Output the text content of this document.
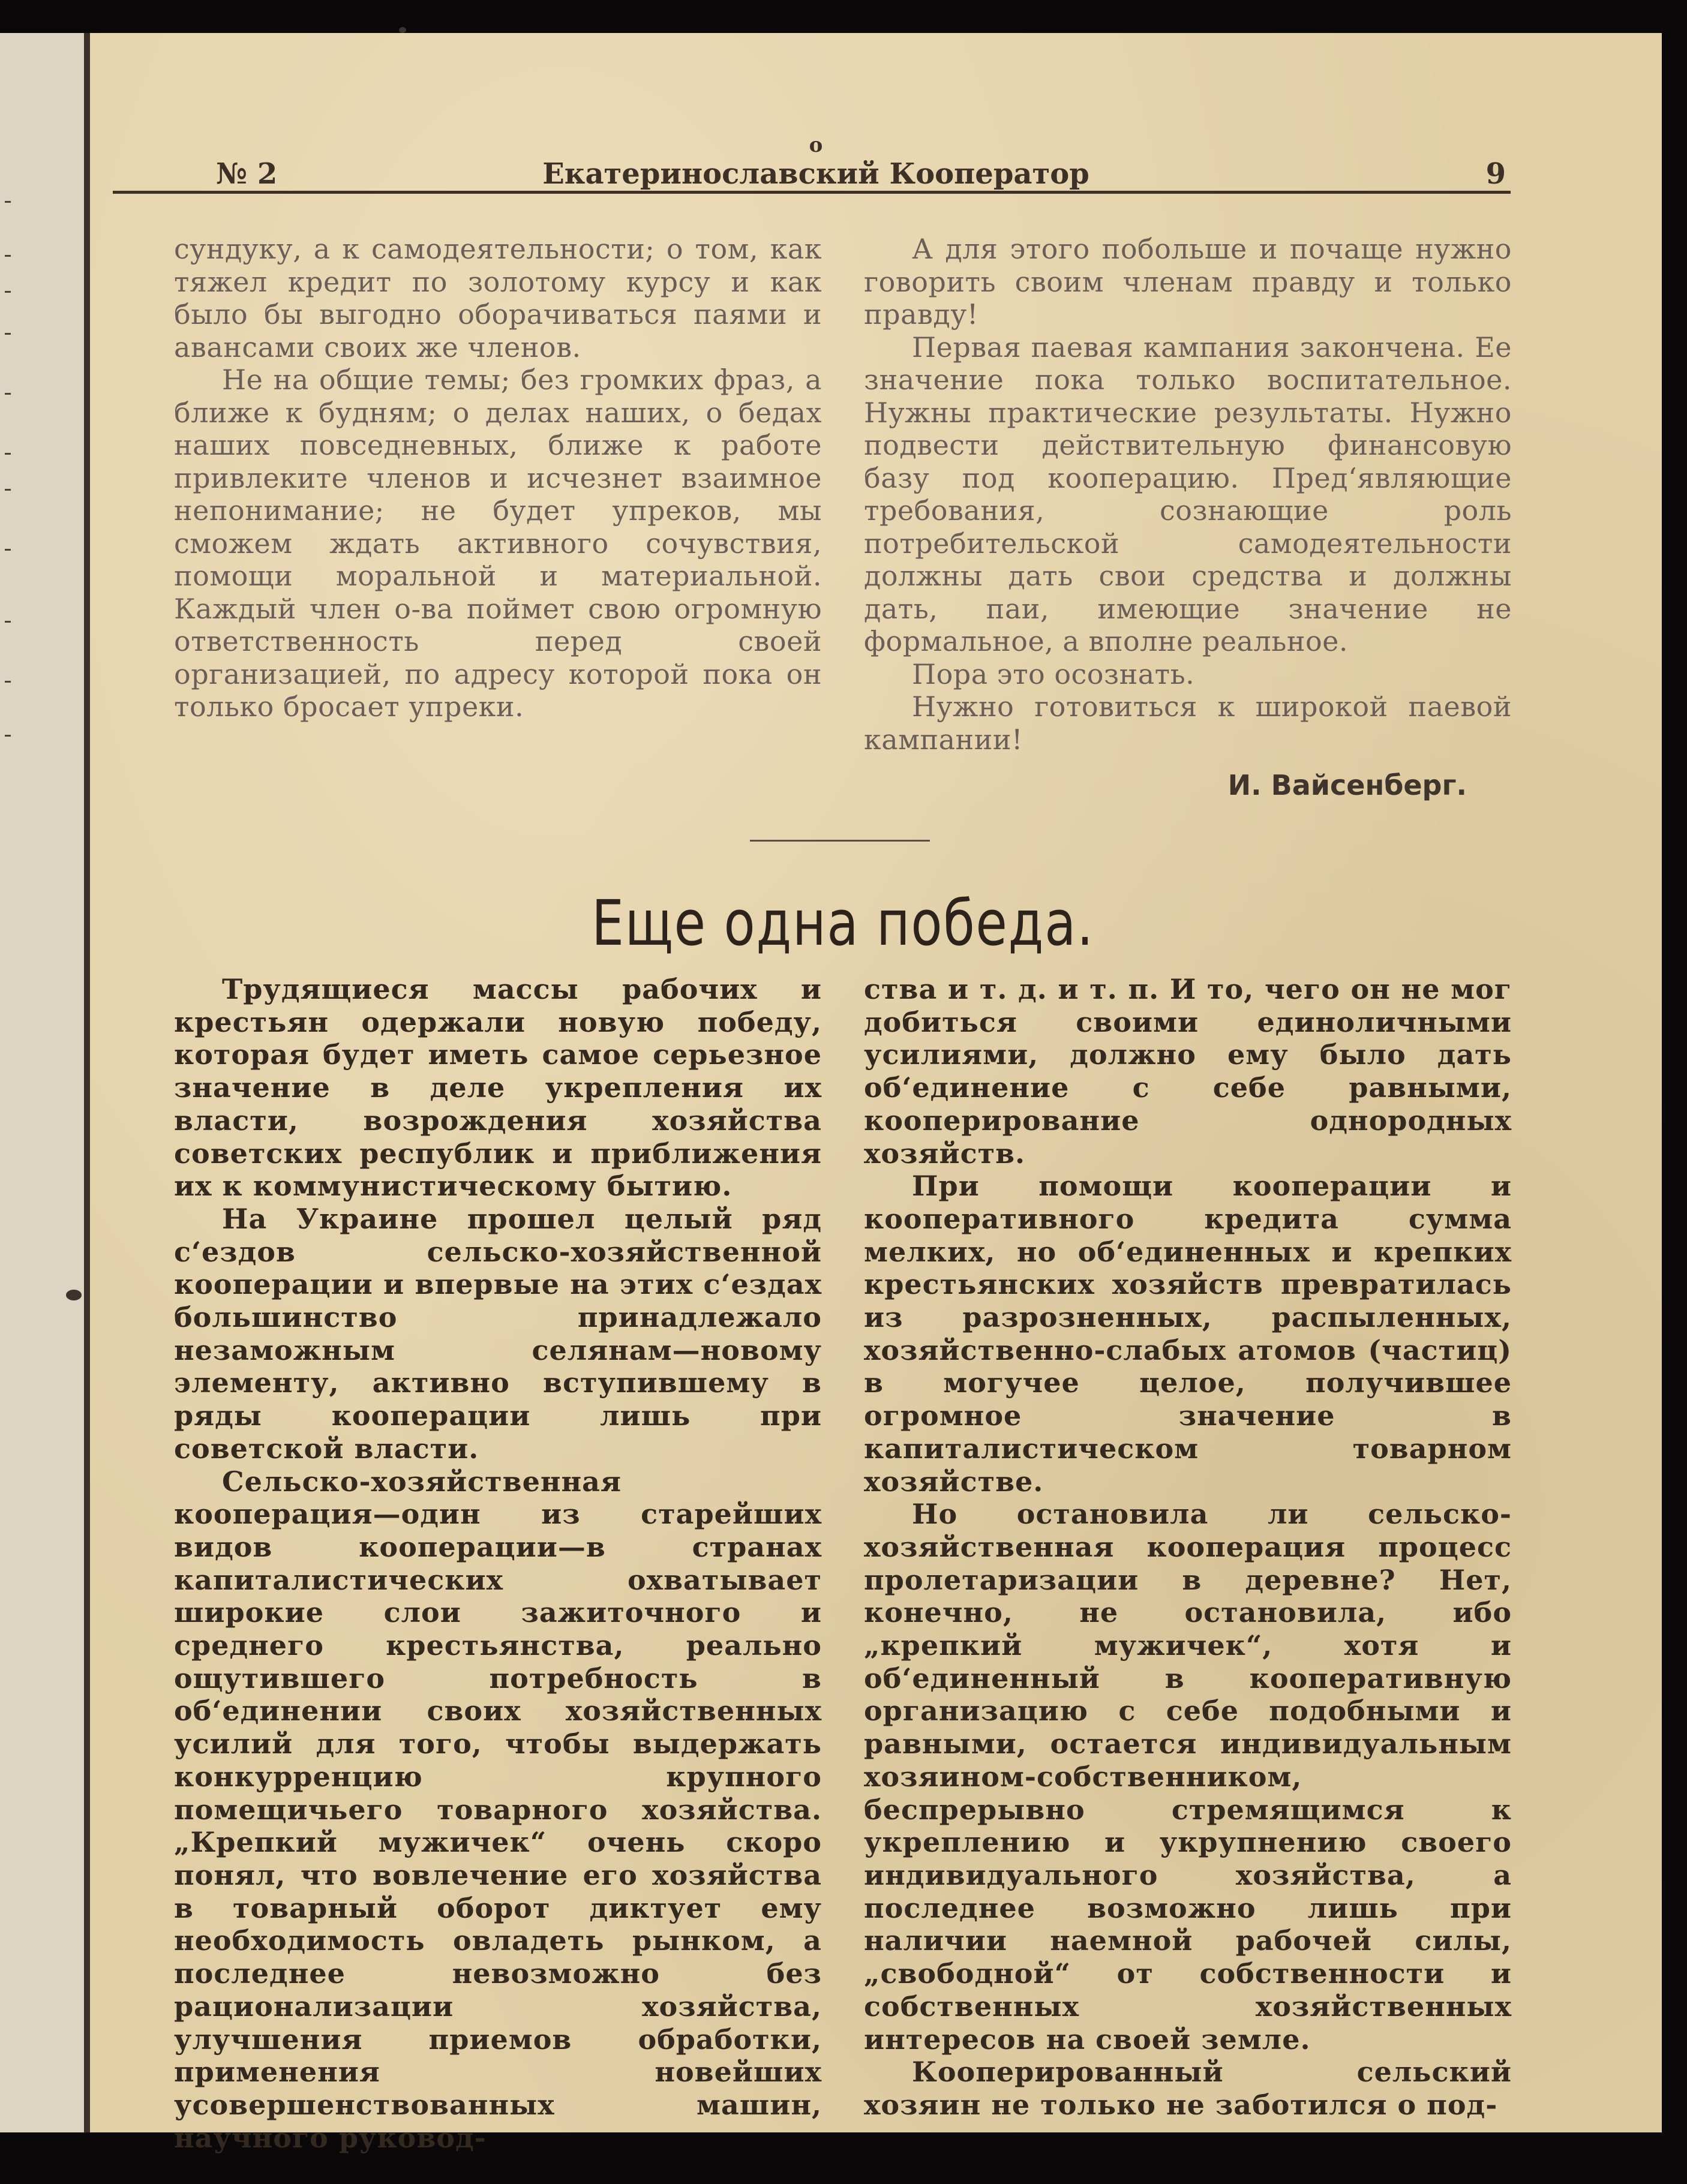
o
№ 2	Екатеринославский Кооператор	9

сундуку, а к самодеятельности; о том, как тяжел кредит по золотому курсу и как было бы выгодно оборачиваться паями и авансами своих же членов.

Не на общие темы; без громких фраз, а ближе к будням; о делах наших, о бедах наших повседневных, ближе к работе привлеките членов и исчезнет взаимное непонимание; не будет упреков, мы сможем ждать активного сочувствия, помощи моральной и материальной. Каждый член о-ва поймет свою огромную ответственность перед своей организацией, по адресу которой пока он только бросает упреки.

А для этого побольше и почаще нужно говорить своим членам правду и только правду!

Первая паевая кампания закончена. Ее значение пока только воспитательное. Нужны практические результаты. Нужно подвести действительную финансовую базу под кооперацию. Пред‘являющие требования, сознающие роль потребительской самодеятельности должны дать свои средства и должны дать, паи, имеющие значение не формальное, а вполне реальное.

Пора это осознать.

Нужно готовиться к широкой паевой кампании!

И. Вайсенберг.
Еще одна победа.

Трудящиеся массы рабочих и крестьян одержали новую победу, которая будет иметь самое серьезное значение в деле укрепления их власти, возрождения хозяйства советских республик и приближения их к коммунистическому бытию.

На Украине прошел целый ряд с‘ездов сельско-хозяйственной кооперации и впервые на этих с‘ездах большинство принадлежало незаможным селянам—новому элементу, активно вступившему в ряды кооперации лишь при советской власти.

Сельско-хозяйственная кооперация—один из старейших видов кооперации—в странах капиталистических охватывает широкие слои зажиточного и среднего крестьянства, реально ощутившего потребность в об‘единении своих хозяйственных усилий для того, чтобы выдержать конкурренцию крупного помещичьего товарного хозяйства. „Крепкий мужичек“ очень скоро понял, что вовлечение его хозяйства в товарный оборот диктует ему необходимость овладеть рынком, а последнее невозможно без рационализации хозяйства, улучшения приемов обработки, применения новейших усовершенствованных машин, научного руковод-

ства и т. д. и т. п. И то, чего он не мог добиться своими единоличными усилиями, должно ему было дать об‘единение с себе равными, кооперирование однородных хозяйств.

При помощи кооперации и кооперативного кредита сумма мелких, но об‘единенных и крепких крестьянских хозяйств превратилась из разрозненных, распыленных, хозяйственно-слабых атомов (частиц) в могучее целое, получившее огромное значение в капиталистическом товарном хозяйстве.

Но остановила ли сельско-хозяйственная кооперация процесс пролетаризации в деревне? Нет, конечно, не остановила, ибо „крепкий мужичек“, хотя и об‘единенный в кооперативную организацию с себе подобными и равными, остается индивидуальным хозяином-собственником, беспрерывно стремящимся к укреплению и укрупнению своего индивидуального хозяйства, а последнее возможно лишь при наличии наемной рабочей силы, „свободной“ от собственности и собственных хозяйственных интересов на своей земле.

Кооперированный сельский хозяин не только не заботился о под-
